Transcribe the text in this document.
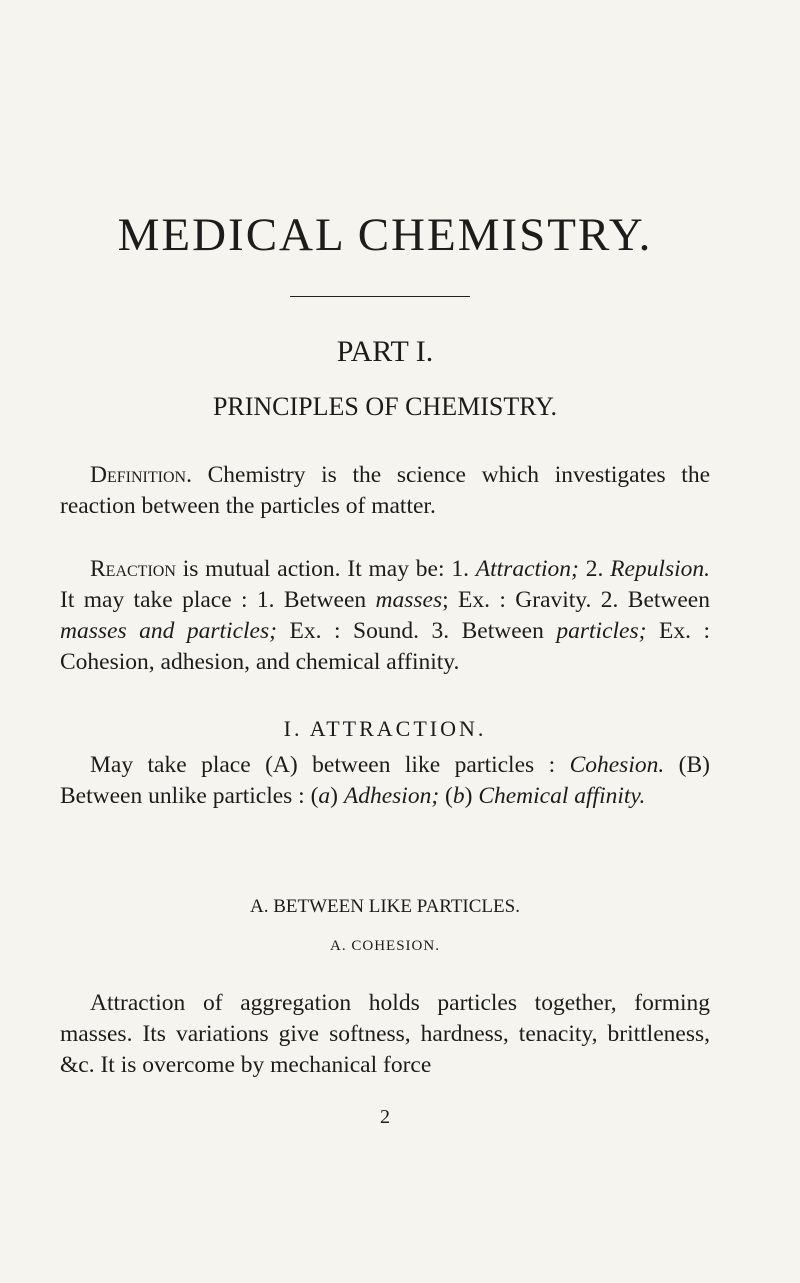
MEDICAL CHEMISTRY.
PART I.
PRINCIPLES OF CHEMISTRY.

Definition. Chemistry is the science which investigates the reaction between the particles of matter.

Reaction is mutual action. It may be: 1. Attraction; 2. Repulsion. It may take place : 1. Between masses; Ex. : Gravity. 2. Between masses and particles; Ex. : Sound. 3. Between particles; Ex. : Cohesion, adhesion, and chemical affinity.

I. ATTRACTION.

May take place (A) between like particles : Cohesion. (B) Between unlike particles : (a) Adhesion; (b) Chemical affinity.

A. BETWEEN LIKE PARTICLES.
A. COHESION.

Attraction of aggregation holds particles together, forming masses. Its variations give softness, hardness, tenacity, brittleness, &c. It is overcome by mechanical force

2
